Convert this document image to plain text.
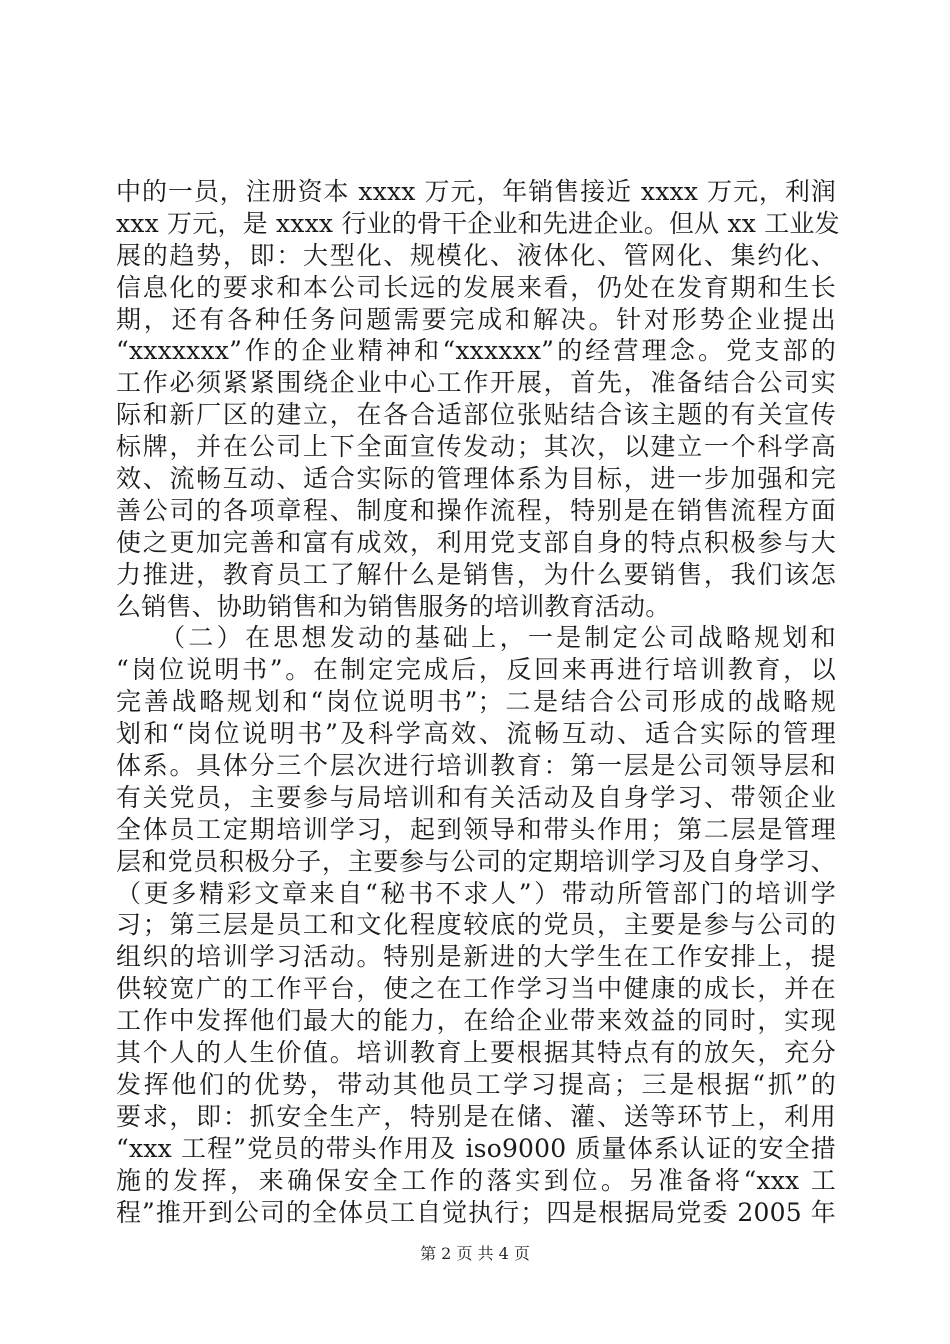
中的一员，注册资本 xxxx 万元，年销售接近 xxxx 万元，利润
xxx 万元，是 xxxx 行业的骨干企业和先进企业。但从 xx 工业发
展的趋势，即：大型化、规模化、液体化、管网化、集约化、
信息化的要求和本公司长远的发展来看，仍处在发育期和生长
期，还有各种任务问题需要完成和解决。针对形势企业提出
“xxxxxxx”作的企业精神和“xxxxxx”的经营理念。党支部的
工作必须紧紧围绕企业中心工作开展，首先，准备结合公司实
际和新厂区的建立，在各合适部位张贴结合该主题的有关宣传
标牌，并在公司上下全面宣传发动；其次，以建立一个科学高
效、流畅互动、适合实际的管理体系为目标，进一步加强和完
善公司的各项章程、制度和操作流程，特别是在销售流程方面
使之更加完善和富有成效，利用党支部自身的特点积极参与大
力推进，教育员工了解什么是销售，为什么要销售，我们该怎
么销售、协助销售和为销售服务的培训教育活动。
　　（二）在思想发动的基础上，一是制定公司战略规划和
“岗位说明书”。在制定完成后，反回来再进行培训教育，以
完善战略规划和“岗位说明书”；二是结合公司形成的战略规
划和“岗位说明书”及科学高效、流畅互动、适合实际的管理
体系。具体分三个层次进行培训教育：第一层是公司领导层和
有关党员，主要参与局培训和有关活动及自身学习、带领企业
全体员工定期培训学习，起到领导和带头作用；第二层是管理
层和党员积极分子，主要参与公司的定期培训学习及自身学习、
（更多精彩文章来自“秘书不求人”）带动所管部门的培训学
习；第三层是员工和文化程度较底的党员，主要是参与公司的
组织的培训学习活动。特别是新进的大学生在工作安排上，提
供较宽广的工作平台，使之在工作学习当中健康的成长，并在
工作中发挥他们最大的能力，在给企业带来效益的同时，实现
其个人的人生价值。培训教育上要根据其特点有的放矢，充分
发挥他们的优势，带动其他员工学习提高；三是根据“抓”的
要求，即：抓安全生产，特别是在储、灌、送等环节上，利用
“xxx 工程”党员的带头作用及 iso9000 质量体系认证的安全措
施的发挥，来确保安全工作的落实到位。另准备将“xxx 工
程”推开到公司的全体员工自觉执行；四是根据局党委 2005 年
第 2 页 共 4 页
